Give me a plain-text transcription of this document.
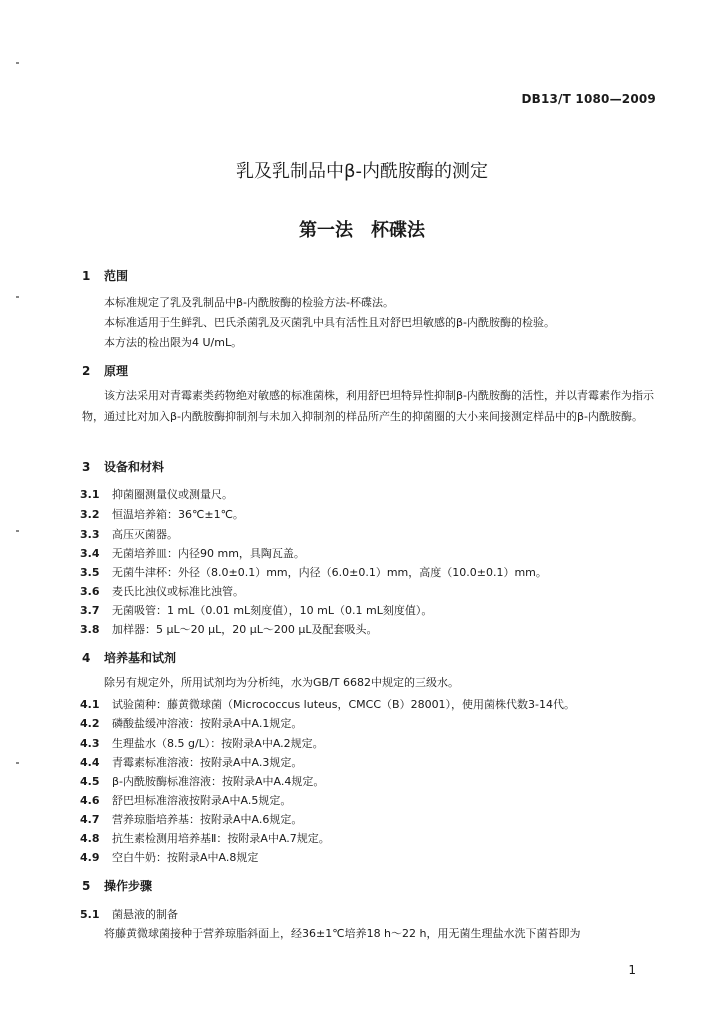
DB13/T 1080—2009
乳及乳制品中β-内酰胺酶的测定
第一法　杯碟法
1 范围
本标准规定了乳及乳制品中β-内酰胺酶的检验方法-杯碟法。
本标准适用于生鲜乳、巴氏杀菌乳及灭菌乳中具有活性且对舒巴坦敏感的β-内酰胺酶的检验。
本方法的检出限为4 U/mL。
2 原理
该方法采用对青霉素类药物绝对敏感的标准菌株，利用舒巴坦特异性抑制β-内酰胺酶的活性，并以青霉素作为指示物，通过比对加入β-内酰胺酶抑制剂与未加入抑制剂的样品所产生的抑菌圈的大小来间接测定样品中的β-内酰胺酶。
3 设备和材料
3.1 抑菌圈测量仪或测量尺。
3.2 恒温培养箱：36℃±1℃。
3.3 高压灭菌器。
3.4 无菌培养皿：内径90 mm，具陶瓦盖。
3.5 无菌牛津杯：外径（8.0±0.1）mm，内径（6.0±0.1）mm，高度（10.0±0.1）mm。
3.6 麦氏比浊仪或标准比浊管。
3.7 无菌吸管：1 mL（0.01 mL刻度值），10 mL（0.1 mL刻度值）。
3.8 加样器：5 μL～20 μL，20 μL～200 μL及配套吸头。
4 培养基和试剂
除另有规定外，所用试剂均为分析纯，水为GB/T 6682中规定的三级水。
4.1 试验菌种：藤黄微球菌（Micrococcus luteus，CMCC（B）28001），使用菌株代数3-14代。
4.2 磷酸盐缓冲溶液：按附录A中A.1规定。
4.3 生理盐水（8.5 g/L）：按附录A中A.2规定。
4.4 青霉素标准溶液：按附录A中A.3规定。
4.5 β-内酰胺酶标准溶液：按附录A中A.4规定。
4.6 舒巴坦标准溶液按附录A中A.5规定。
4.7 营养琼脂培养基：按附录A中A.6规定。
4.8 抗生素检测用培养基Ⅱ：按附录A中A.7规定。
4.9 空白牛奶：按附录A中A.8规定
5 操作步骤
5.1 菌悬液的制备
将藤黄微球菌接种于营养琼脂斜面上，经36±1℃培养18 h～22 h，用无菌生理盐水洗下菌苔即为
1
